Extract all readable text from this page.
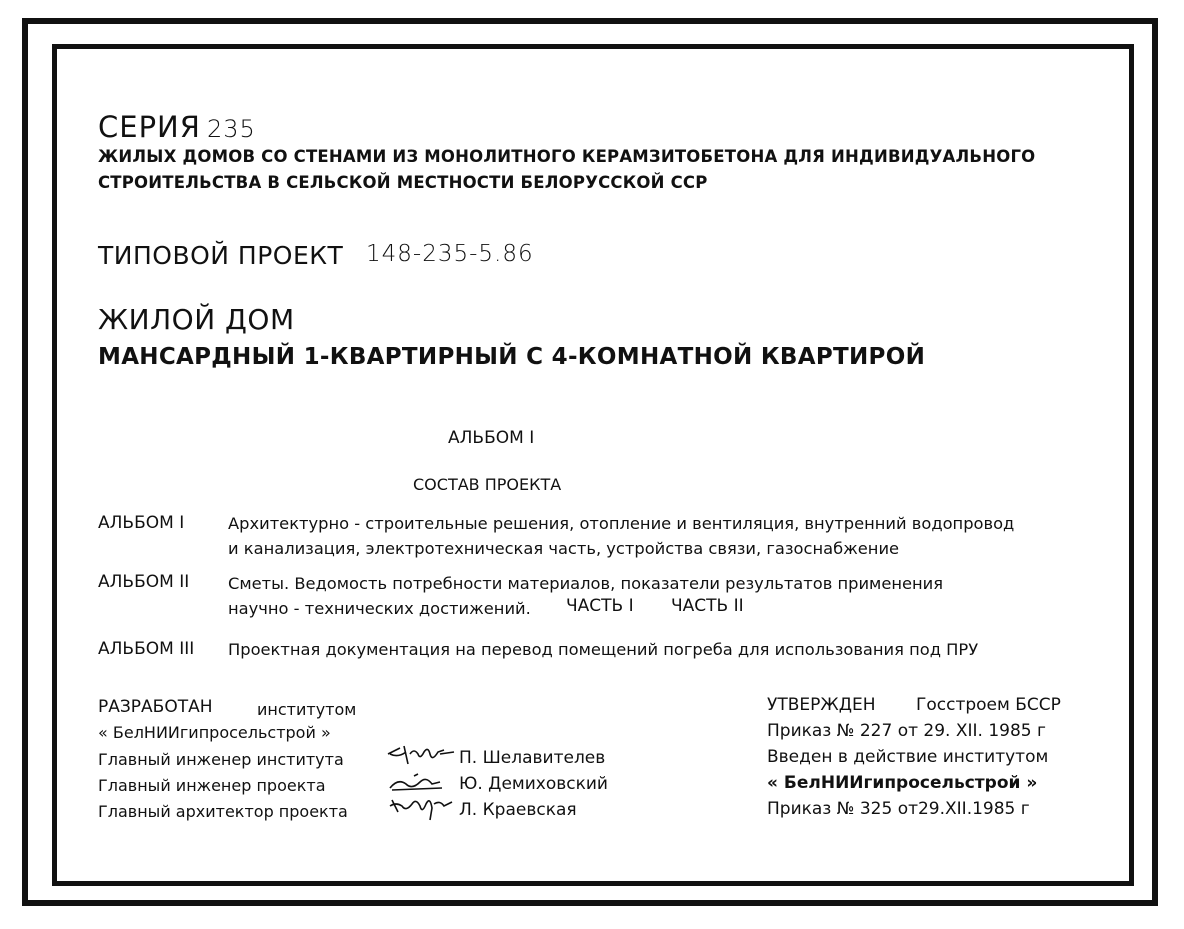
СЕРИЯ 235
ЖИЛЫХ ДОМОВ СО СТЕНАМИ ИЗ МОНОЛИТНОГО КЕРАМЗИТОБЕТОНА ДЛЯ ИНДИВИДУАЛЬНОГО
СТРОИТЕЛЬСТВА В СЕЛЬСКОЙ МЕСТНОСТИ БЕЛОРУССКОЙ ССР
ТИПОВОЙ ПРОЕКТ 148-235-5.86
ЖИЛОЙ ДОМ
МАНСАРДНЫЙ 1-КВАРТИРНЫЙ С 4-КОМНАТНОЙ КВАРТИРОЙ
АЛЬБОМ I
СОСТАВ ПРОЕКТА
АЛЬБОМ I	Архитектурно - строительные решения, отопление и вентиляция, внутренний водопровод
и канализация, электротехническая часть, устройства связи, газоснабжение
АЛЬБОМ II Сметы. Ведомость потребности материалов, показатели результатов применения
научно - технических достижений. ЧАСТЬ I ЧАСТЬ II
АЛЬБОМ III Проектная документация на перевод помещений погреба для использования под ПРУ
РАЗРАБОТАН	институтом
« БелНИИгипросельстрой »
Главный инженер института	П. Шелавителев
Главный инженер проекта	Ю. Демиховский
Главный архитектор проекта	Л. Краевская
УТВЕРЖДЕН Госстроем БССР
Приказ № 227 от 29. XII. 1985 г
Введен в действие институтом
« БелНИИгипросельстрой »
Приказ № 325 от29.XII.1985 г
